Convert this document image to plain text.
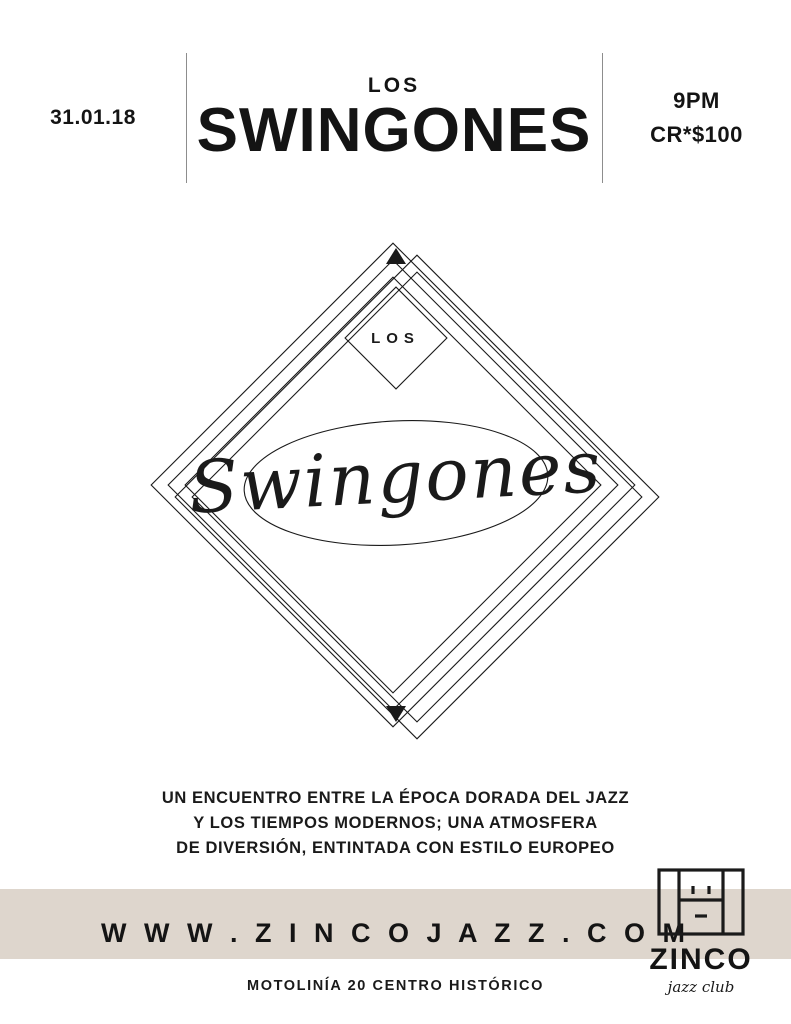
31.01.18
LOS
SWINGONES	9PM
CR*$100
LOS
Swingones
UN ENCUENTRO ENTRE LA ÉPOCA DORADA DEL JAZZ
Y LOS TIEMPOS MODERNOS; UNA ATMOSFERA
DE DIVERSIÓN, ENTINTADA CON ESTILO EUROPEO
W W W . Z I N C O J A Z Z . C O M
MOTOLINÍA 20 CENTRO HISTÓRICO
ZINCO
jazz club
